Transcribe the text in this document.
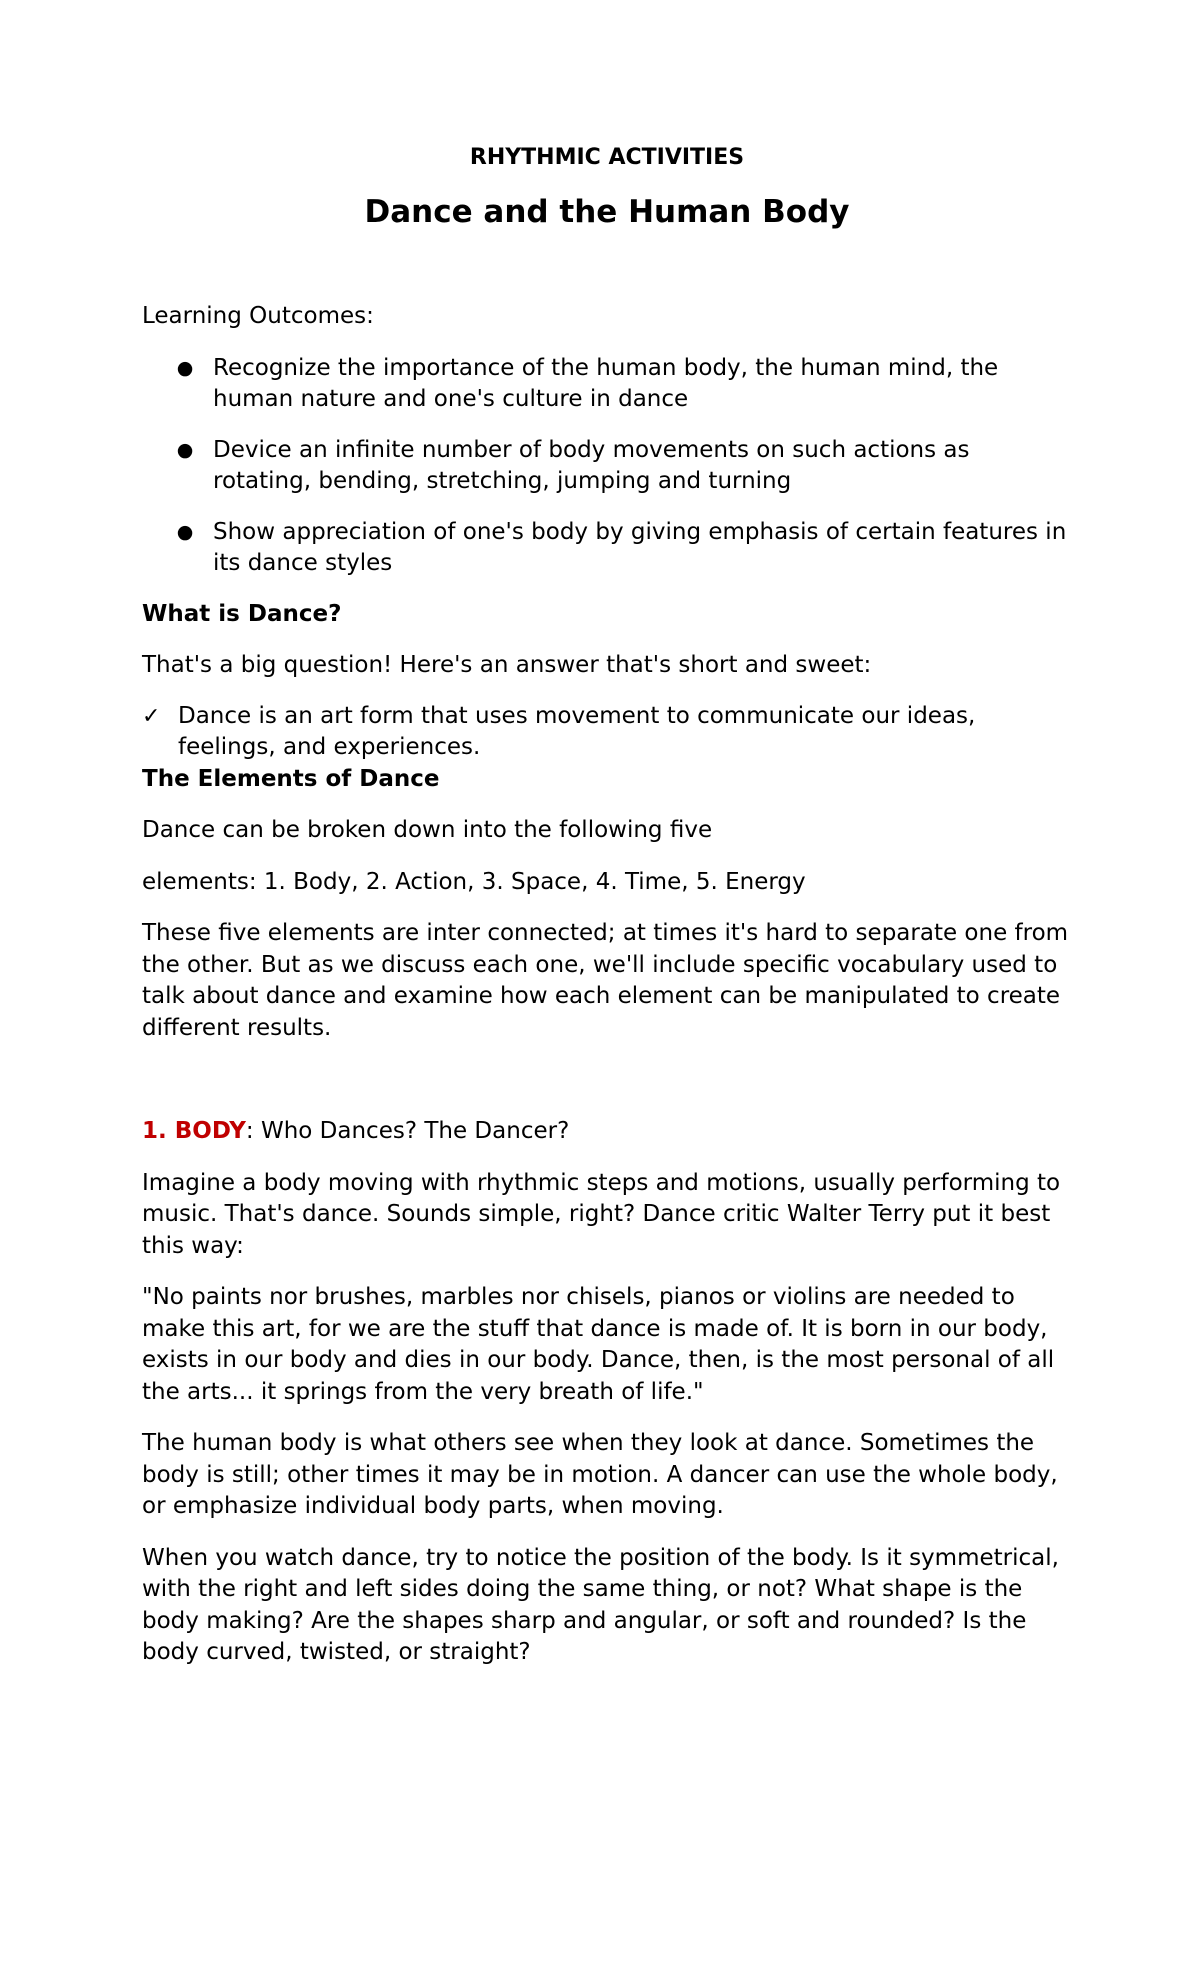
RHYTHMIC ACTIVITIES
Dance and the Human Body

Learning Outcomes:

● Recognize the importance of the human body, the human mind, the human nature and one's culture in dance
● Device an infinite number of body movements on such actions as rotating, bending, stretching, jumping and turning
● Show appreciation of one's body by giving emphasis of certain features in its dance styles
What is Dance?

That's a big question! Here's an answer that's short and sweet:

✓ Dance is an art form that uses movement to communicate our ideas, feelings, and experiences.
The Elements of Dance

Dance can be broken down into the following five

elements: 1. Body, 2. Action, 3. Space, 4. Time, 5. Energy

These five elements are inter connected; at times it's hard to separate one from the other. But as we discuss each one, we'll include specific vocabulary used to talk about dance and examine how each element can be manipulated to create different results.

1. BODY: Who Dances? The Dancer?

Imagine a body moving with rhythmic steps and motions, usually performing to music. That's dance. Sounds simple, right? Dance critic Walter Terry put it best this way:

"No paints nor brushes, marbles nor chisels, pianos or violins are needed to make this art, for we are the stuff that dance is made of. It is born in our body, exists in our body and dies in our body. Dance, then, is the most personal of all the arts... it springs from the very breath of life."

The human body is what others see when they look at dance. Sometimes the body is still; other times it may be in motion. A dancer can use the whole body, or emphasize individual body parts, when moving.

When you watch dance, try to notice the position of the body. Is it symmetrical, with the right and left sides doing the same thing, or not? What shape is the body making? Are the shapes sharp and angular, or soft and rounded? Is the body curved, twisted, or straight?
